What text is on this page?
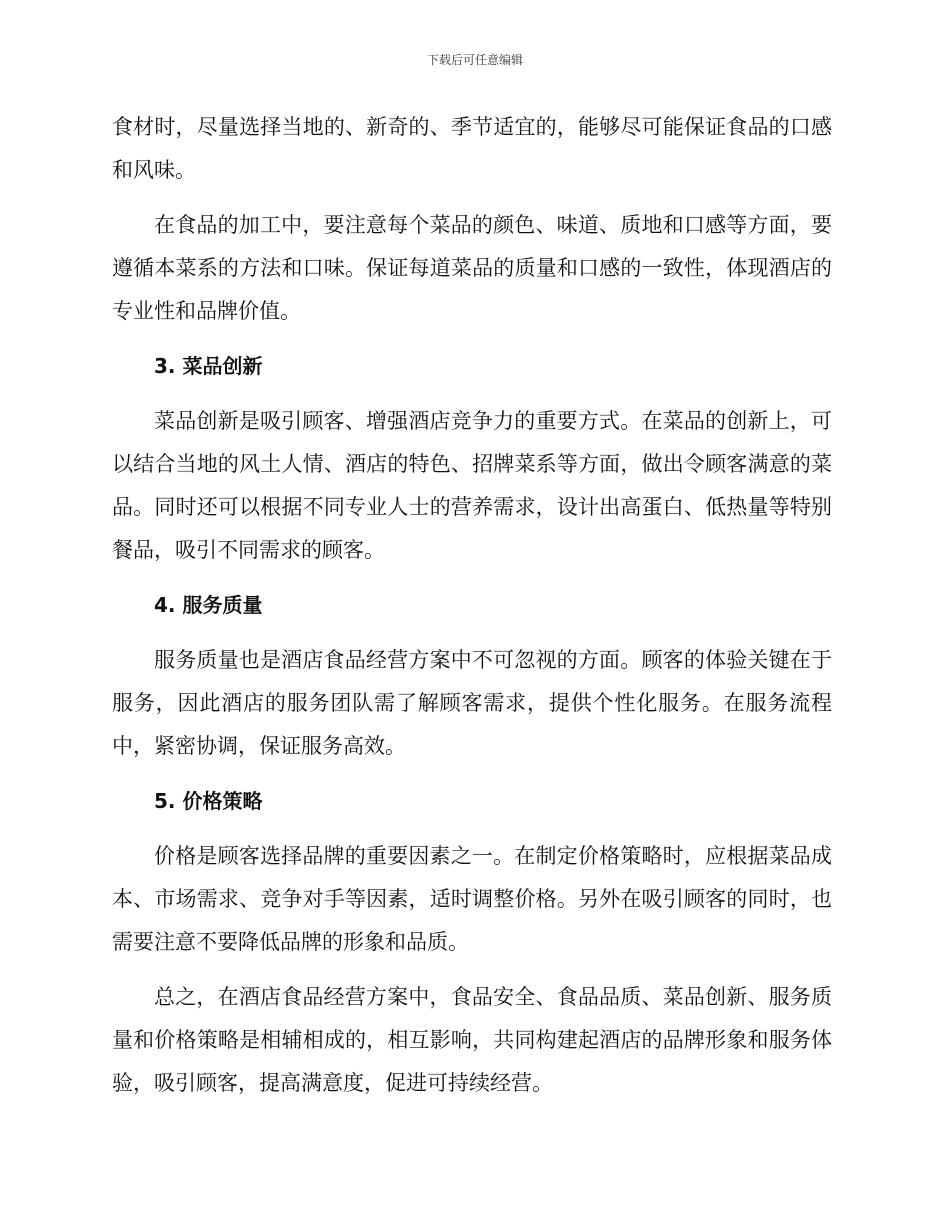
下载后可任意编辑

食材时，尽量选择当地的、新奇的、季节适宜的，能够尽可能保证食品的口感和风味。

在食品的加工中，要注意每个菜品的颜色、味道、质地和口感等方面，要遵循本菜系的方法和口味。保证每道菜品的质量和口感的一致性，体现酒店的专业性和品牌价值。

3. 菜品创新

菜品创新是吸引顾客、增强酒店竞争力的重要方式。在菜品的创新上，可以结合当地的风土人情、酒店的特色、招牌菜系等方面，做出令顾客满意的菜品。同时还可以根据不同专业人士的营养需求，设计出高蛋白、低热量等特别餐品，吸引不同需求的顾客。

4. 服务质量

服务质量也是酒店食品经营方案中不可忽视的方面。顾客的体验关键在于服务，因此酒店的服务团队需了解顾客需求，提供个性化服务。在服务流程中，紧密协调，保证服务高效。

5. 价格策略

价格是顾客选择品牌的重要因素之一。在制定价格策略时，应根据菜品成本、市场需求、竞争对手等因素，适时调整价格。另外在吸引顾客的同时，也需要注意不要降低品牌的形象和品质。

总之，在酒店食品经营方案中，食品安全、食品品质、菜品创新、服务质量和价格策略是相辅相成的，相互影响，共同构建起酒店的品牌形象和服务体验，吸引顾客，提高满意度，促进可持续经营。
